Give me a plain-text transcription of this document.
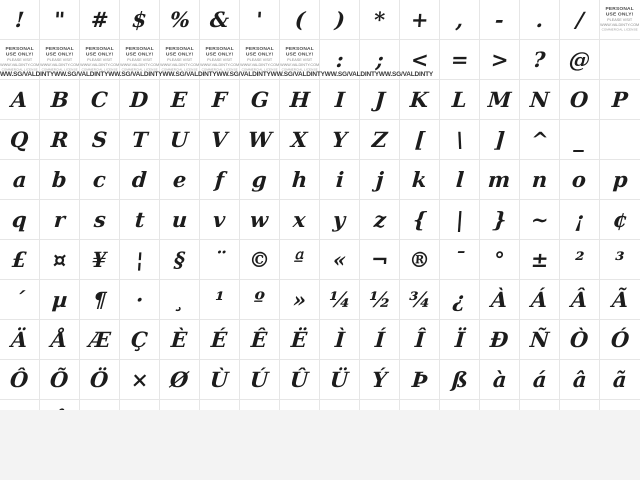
! " # $ % & ' ( ) * + , - . /	PERSONAL
USE ONLY!
PLEASE VISIT
WWW.VALDINTY.COM
COMMERCIAL LICENSE
PERSONAL
USE ONLY!
PLEASE VISIT
WWW.VALDINTY.COM
COMMERCIAL LICENSE
PERSONAL
USE ONLY!
PLEASE VISIT
WWW.VALDINTY.COM
COMMERCIAL LICENSE
PERSONAL
USE ONLY!
PLEASE VISIT
WWW.VALDINTY.COM
COMMERCIAL LICENSE
PERSONAL
USE ONLY!
PLEASE VISIT
WWW.VALDINTY.COM
COMMERCIAL LICENSE
PERSONAL
USE ONLY!
PLEASE VISIT
WWW.VALDINTY.COM
COMMERCIAL LICENSE
PERSONAL
USE ONLY!
PLEASE VISIT
WWW.VALDINTY.COM
COMMERCIAL LICENSE
PERSONAL
USE ONLY!
PLEASE VISIT
WWW.VALDINTY.COM
COMMERCIAL LICENSE
PERSONAL
USE ONLY!
PLEASE VISIT
WWW.VALDINTY.COM
COMMERCIAL LICENSE : ; < = > ? @
A B C D E F G H I J K L M N O P
Q R S T U V W X Y Z [ \ ] ^ _
a b c d e f g h i j k l m n o p
q r s t u v w x y z { | } ~ ¡ ¢
£ ¤ ¥ ¦ § ¨ © ª « ¬ ® ¯ ° ± ² ³
´ µ ¶ · ¸ ¹ º » ¼ ½ ¾ ¿ À Á Â Ã
Ä Å Æ Ç È É Ê Ë Ì Í Î Ï Ð Ñ Ò Ó
Ô Õ Ö × Ø Ù Ú Û Ü Ý Þ ß à á â ã
WW.SG/VALDINTYWW.SG/VALDINTYWW.SG/VALDINTYWW.SG/VALDINTYWW.SG/VALDINTYWW.SG/VALDINTYWW.SG/VALDINTYWW.SG/VALDINTY
